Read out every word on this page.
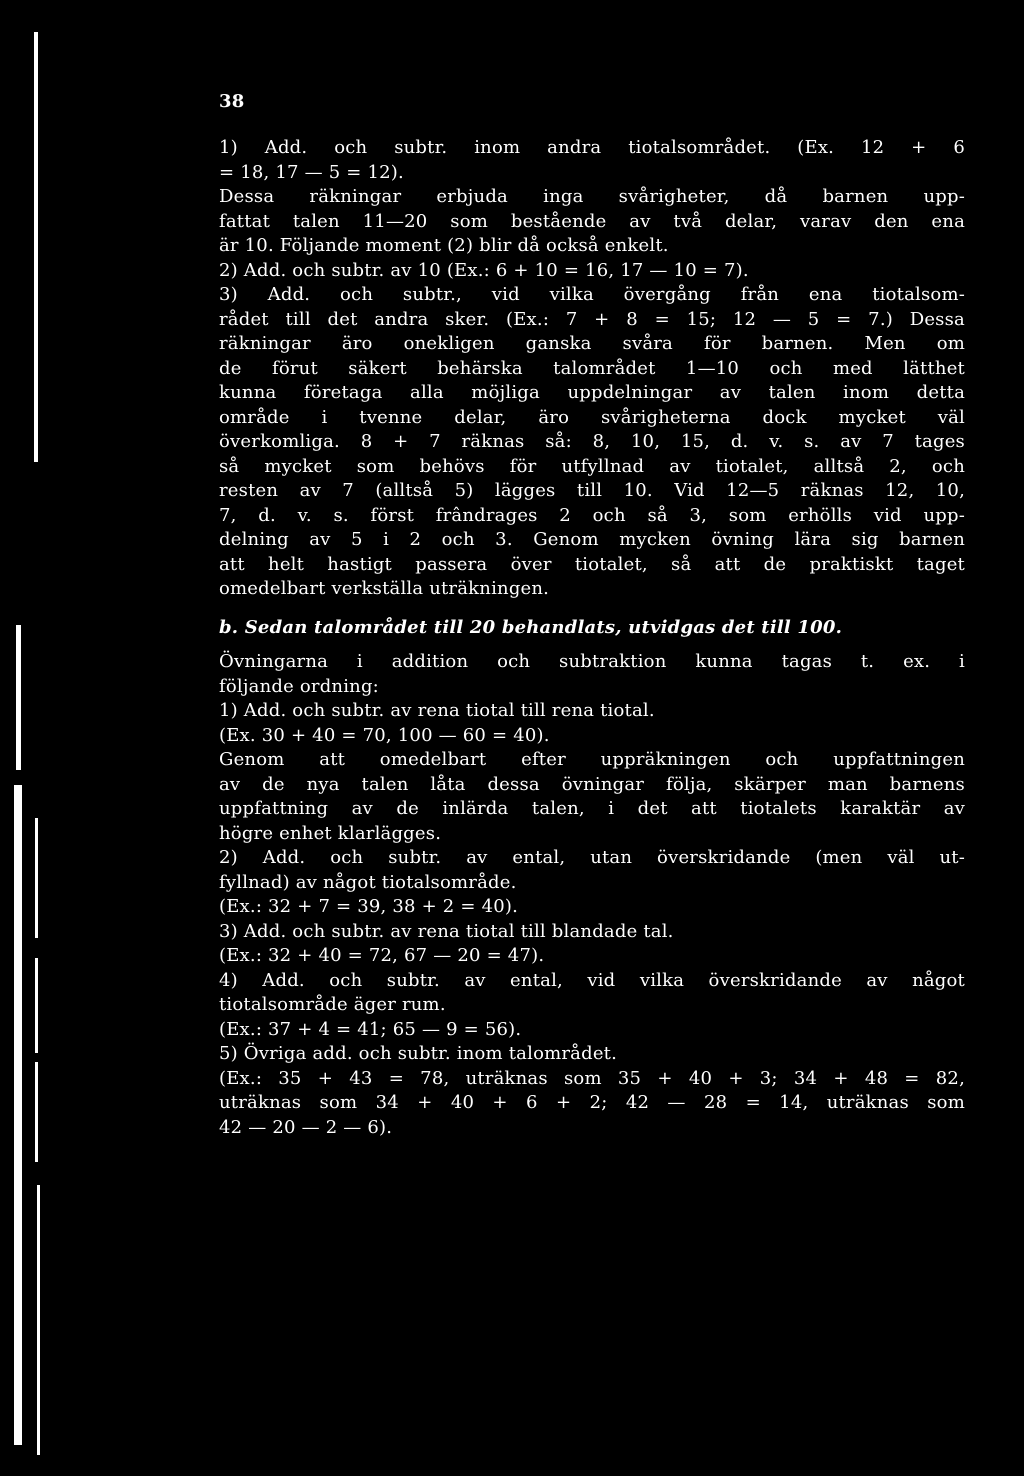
38
1) Add. och subtr. inom andra tiotalsområdet. (Ex. 12 + 6
= 18, 17 — 5 = 12).
Dessa räkningar erbjuda inga svårigheter, då barnen upp-
fattat talen 11—20 som bestående av två delar, varav den ena
är 10. Följande moment (2) blir då också enkelt.
2) Add. och subtr. av 10 (Ex.: 6 + 10 = 16, 17 — 10 = 7).
3) Add. och subtr., vid vilka övergång från ena tiotalsom-
rådet till det andra sker. (Ex.: 7 + 8 = 15; 12 — 5 = 7.) Dessa
räkningar äro onekligen ganska svåra för barnen. Men om
de förut säkert behärska talområdet 1—10 och med lätthet
kunna företaga alla möjliga uppdelningar av talen inom detta
område i tvenne delar, äro svårigheterna dock mycket väl
överkomliga. 8 + 7 räknas så: 8, 10, 15, d. v. s. av 7 tages
så mycket som behövs för utfyllnad av tiotalet, alltså 2, och
resten av 7 (alltså 5) lägges till 10. Vid 12—5 räknas 12, 10,
7, d. v. s. först frândrages 2 och så 3, som erhölls vid upp-
delning av 5 i 2 och 3. Genom mycken övning lära sig barnen
att helt hastigt passera över tiotalet, så att de praktiskt taget
omedelbart verkställa uträkningen.
b. Sedan talområdet till 20 behandlats, utvidgas det till 100.
Övningarna i addition och subtraktion kunna tagas t. ex. i
följande ordning:
1) Add. och subtr. av rena tiotal till rena tiotal.
(Ex. 30 + 40 = 70, 100 — 60 = 40).
Genom att omedelbart efter uppräkningen och uppfattningen
av de nya talen låta dessa övningar följa, skärper man barnens
uppfattning av de inlärda talen, i det att tiotalets karaktär av
högre enhet klarlägges.
2) Add. och subtr. av ental, utan överskridande (men väl ut-
fyllnad) av något tiotalsområde.
(Ex.: 32 + 7 = 39, 38 + 2 = 40).
3) Add. och subtr. av rena tiotal till blandade tal.
(Ex.: 32 + 40 = 72, 67 — 20 = 47).
4) Add. och subtr. av ental, vid vilka överskridande av något
tiotalsområde äger rum.
(Ex.: 37 + 4 = 41; 65 — 9 = 56).
5) Övriga add. och subtr. inom talområdet.
(Ex.: 35 + 43 = 78, uträknas som 35 + 40 + 3; 34 + 48 = 82,
uträknas som 34 + 40 + 6 + 2; 42 — 28 = 14, uträknas som
42 — 20 — 2 — 6).
